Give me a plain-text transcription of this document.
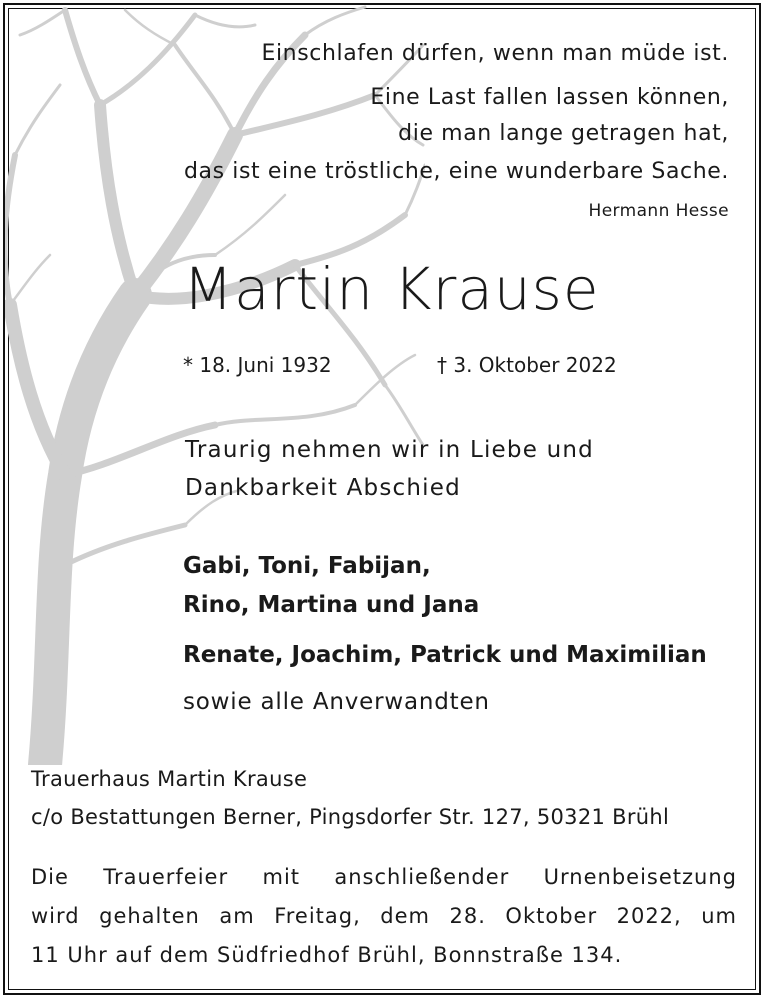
Einschlafen dürfen, wenn man müde ist.
Eine Last fallen lassen können,
die man lange getragen hat,
das ist eine tröstliche, eine wunderbare Sache.
Hermann Hesse
Martin Krause
* 18. Juni 1932	† 3. Oktober 2022
Traurig nehmen wir in Liebe und
Dankbarkeit Abschied
Gabi, Toni, Fabijan,
Rino, Martina und Jana
Renate, Joachim, Patrick und Maximilian
sowie alle Anverwandten
Trauerhaus Martin Krause
c/o Bestattungen Berner, Pingsdorfer Str. 127, 50321 Brühl
Die Trauerfeier mit anschließender Urnenbeisetzung
wird gehalten am Freitag, dem 28. Oktober 2022, um
11 Uhr auf dem Südfriedhof Brühl, Bonnstraße 134.
